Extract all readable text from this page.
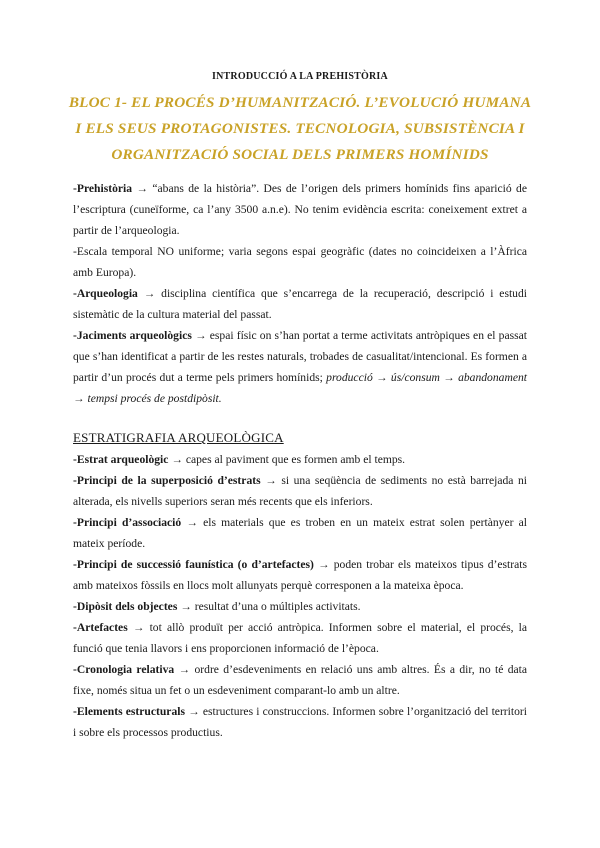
INTRODUCCIÓ A LA PREHISTÒRIA
BLOC 1- EL PROCÉS D’HUMANITZACIÓ. L’EVOLUCIÓ HUMANA
I ELS SEUS PROTAGONISTES. TECNOLOGIA, SUBSISTÈNCIA I
ORGANITZACIÓ SOCIAL DELS PRIMERS HOMÍNIDS

-Prehistòria → “abans de la història”. Des de l’origen dels primers homínids fins aparició de l’escriptura (cuneïforme, ca l’any 3500 a.n.e). No tenim evidència escrita: coneixement extret a partir de l’arqueologia.

-Escala temporal NO uniforme; varia segons espai geogràfic (dates no coincideixen a l’Àfrica amb Europa).

-Arqueologia → disciplina científica que s’encarrega de la recuperació, descripció i estudi sistemàtic de la cultura material del passat.

-Jaciments arqueològics → espai físic on s’han portat a terme activitats antròpiques en el passat que s’han identificat a partir de les restes naturals, trobades de casualitat/intencional. Es formen a partir d’un procés dut a terme pels primers homínids; producció → ús/consum → abandonament → tempsi procés de postdipòsit.

ESTRATIGRAFIA ARQUEOLÒGICA

-Estrat arqueològic → capes al paviment que es formen amb el temps.

-Principi de la superposició d’estrats → si una seqüència de sediments no està barrejada ni alterada, els nivells superiors seran més recents que els inferiors.

-Principi d’associació → els materials que es troben en un mateix estrat solen pertànyer al mateix període.

-Principi de successió faunística (o d’artefactes) → poden trobar els mateixos tipus d’estrats amb mateixos fòssils en llocs molt allunyats perquè corresponen a la mateixa època.

-Dipòsit dels objectes → resultat d’una o múltiples activitats.

-Artefactes → tot allò produït per acció antròpica. Informen sobre el material, el procés, la funció que tenia llavors i ens proporcionen informació de l’època.

-Cronologia relativa → ordre d’esdeveniments en relació uns amb altres. És a dir, no té data fixe, només situa un fet o un esdeveniment comparant-lo amb un altre.

-Elements estructurals → estructures i construccions. Informen sobre l’organització del territori i sobre els processos productius.
